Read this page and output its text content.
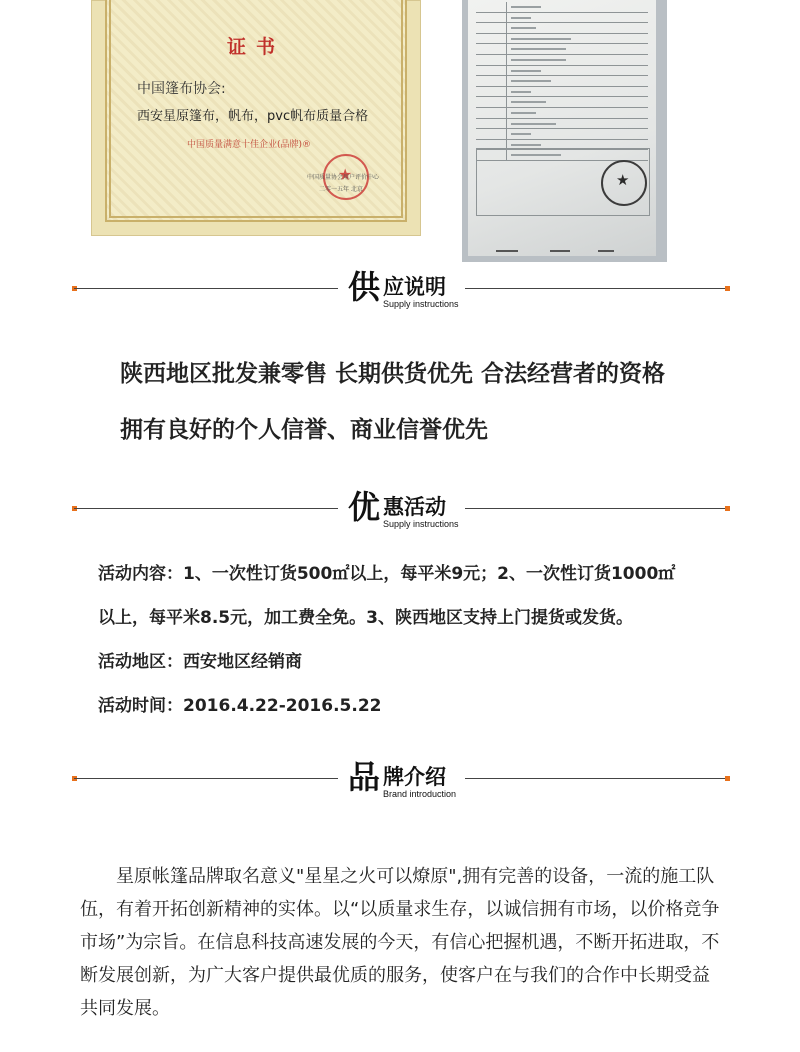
证书
中国篷布协会:
西安星原篷布，帆布，pvc帆布质量合格
中国质量满意十佳企业(品牌)®
★
中国质量协会用户评价中心
二零一五年 北京
★
供 应说明
Supply instructions
陕西地区批发兼零售 长期供货优先 合法经营者的资格
拥有良好的个人信誉、商业信誉优先
优 惠活动
Supply instructions

活动内容：1、一次性订货500㎡以上，每平米9元；2、一次性订货1000㎡

以上，每平米8.5元，加工费全免。3、陕西地区支持上门提货或发货。

活动地区：西安地区经销商

活动时间：2016.4.22-2016.5.22

品 牌介绍
Brand introduction

星原帐篷品牌取名意义"星星之火可以燎原",拥有完善的设备，一流的施工队伍，有着开拓创新精神的实体。以“以质量求生存，以诚信拥有市场，以价格竞争市场”为宗旨。在信息科技高速发展的今天，有信心把握机遇，不断开拓进取，不断发展创新，为广大客户提供最优质的服务，使客户在与我们的合作中长期受益共同发展。
